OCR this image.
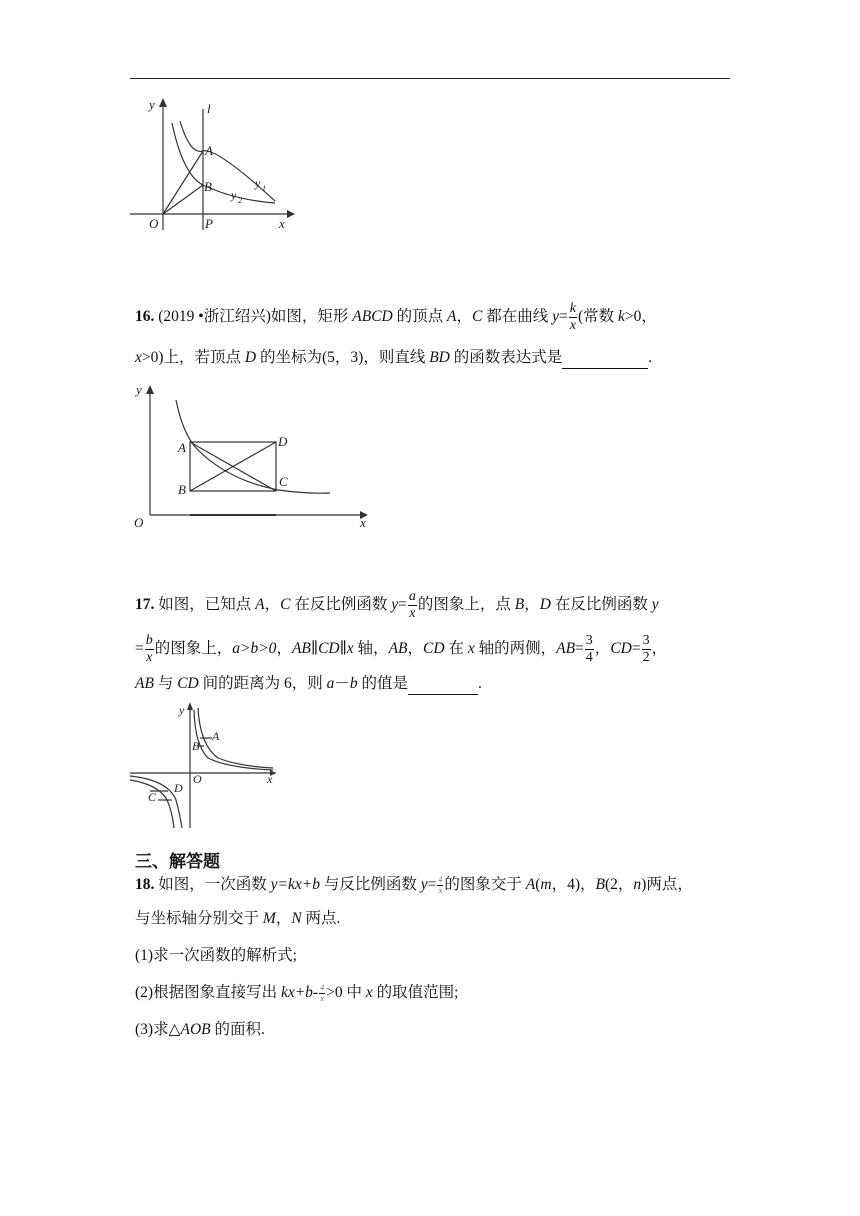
y	l
A
B	y 1
y 2
O	P	x
16. (2019 •浙江绍兴)如图，矩形 ABCD 的顶点 A，C 都在曲线 $y= \frac{k}{x}$ (常数 k>0，
x>0)上，若顶点 D 的坐标为(5，3)，则直线 BD 的函数表达式是	.
y
A	D
B
C
O	x
17. 如图，已知点 A，C 在反比例函数 $y= \frac{a}{x}$ 的图象上，点 B，D 在反比例函数 y
= $\frac{b}{x}$ 的图象上，a>b>0，AB∥CD∥x 轴，AB，CD 在 x 轴的两侧，$AB= \frac{3}{4}$ ，$CD= \frac{3}{2}$ ，
AB 与 CD 间的距离为 6，则 a－b 的值是	.
y
A
B
O	x
C
D
三、解答题
18. 如图，一次函数 y=kx+b 与反比例函数 $y= \frac{4}{x}$ 的图象交于 A(m，4)，B(2，n)两点，
与坐标轴分别交于 M，N 两点.
(1)求一次函数的解析式;
(2)根据图象直接写出 $kx+b- \frac{4}{x} >0$ 中 x 的取值范围;
(3)求△AOB 的面积.
